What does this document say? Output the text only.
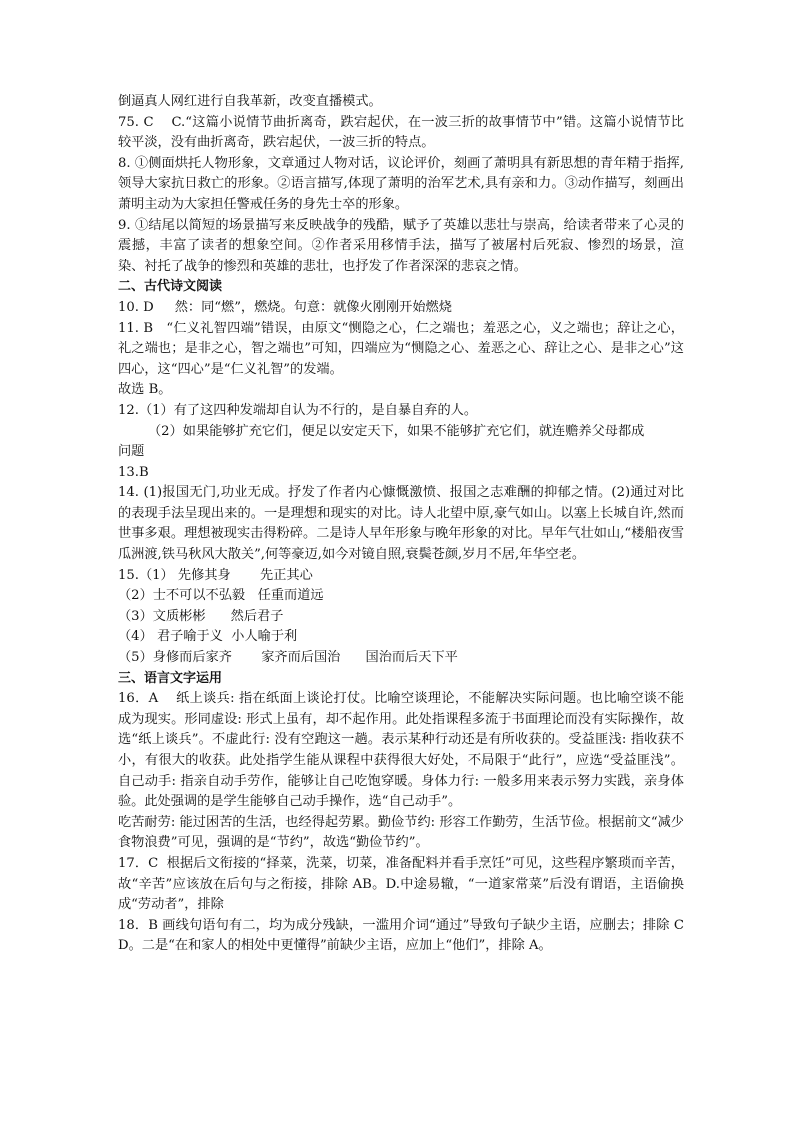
倒逼真人网红进行自我革新，改变直播模式。

75. C    C.“这篇小说情节曲折离奇，跌宕起伏，在一波三折的故事情节中”错。这篇小说情节比较平淡，没有曲折离奇，跌宕起伏，一波三折的特点。

8. ①侧面烘托人物形象，文章通过人物对话，议论评价，刻画了萧明具有新思想的青年精于指挥,领导大家抗日救亡的形象。②语言描写,体现了萧明的治军艺术,具有亲和力。③动作描写，刻画出萧明主动为大家担任警戒任务的身先士卒的形象。

9. ①结尾以简短的场景描写来反映战争的残酷，赋予了英雄以悲壮与崇高，给读者带来了心灵的震撼，丰富了读者的想象空间。②作者采用移情手法，描写了被屠村后死寂、惨烈的场景，渲染、衬托了战争的惨烈和英雄的悲壮，也抒发了作者深深的悲哀之情。

二、古代诗文阅读

10. D     然：同“燃”，燃烧。句意：就像火刚刚开始燃烧

11. B   “仁义礼智四端”错误，由原文“恻隐之心，仁之端也；羞恶之心，义之端也；辞让之心，礼之端也；是非之心，智之端也”可知，四端应为“恻隐之心、羞恶之心、辞让之心、是非之心”这四心，这“四心”是“仁义礼智”的发端。

故选 B。

12.（1）有了这四种发端却自认为不行的，是自暴自弃的人。

（2）如果能够扩充它们，便足以安定天下，如果不能够扩充它们，就连赡养父母都成

问题

13.B

14. (1)报国无门,功业无成。抒发了作者内心慷慨激愤、报国之志难酬的抑郁之情。(2)通过对比的表现手法呈现出来的。一是理想和现实的对比。诗人北望中原,豪气如山。以塞上长城自许,然而世事多艰。理想被现实击得粉碎。二是诗人早年形象与晚年形象的对比。早年气壮如山,“楼船夜雪瓜洲渡,铁马秋风大散关”,何等豪迈,如今对镜自照,衰鬓苍颜,岁月不居,年华空老。

15.（1） 先修其身       先正其心

（2）士不可以不弘毅   任重而道远

（3）文质彬彬      然后君子

（4） 君子喻于义  小人喻于利

（5）身修而后家齐       家齐而后国治      国治而后天下平

三、语言文字运用

16．A    纸上谈兵: 指在纸面上谈论打仗。比喻空谈理论，不能解决实际问题。也比喻空谈不能成为现实。形同虚设: 形式上虽有，却不起作用。此处指课程多流于书面理论而没有实际操作，故选“纸上谈兵”。不虚此行: 没有空跑这一趟。表示某种行动还是有所收获的。受益匪浅: 指收获不小，有很大的收获。此处指学生能从课程中获得很大好处，不局限于“此行”，应选“受益匪浅”。自己动手: 指亲自动手劳作，能够让自己吃饱穿暖。身体力行: 一般多用来表示努力实践，亲身体验。此处强调的是学生能够自己动手操作，选“自己动手”。

吃苦耐劳: 能过困苦的生活，也经得起劳累。勤俭节约: 形容工作勤劳，生活节俭。根据前文“减少食物浪费”可见，强调的是“节约”，故选“勤俭节约”。

17．C  根据后文衔接的“择菜，洗菜，切菜，准备配料并看手烹饪”可见，这些程序繁琐而辛苦，故“辛苦”应该放在后句与之衔接，排除 AB。D.中途易辙，“一道家常菜”后没有谓语，主语偷换成“劳动者”，排除

18．B 画线句语句有二，均为成分残缺，一滥用介词“通过”导致句子缺少主语，应删去；排除 CD。二是“在和家人的相处中更懂得”前缺少主语，应加上“他们”，排除 A。
